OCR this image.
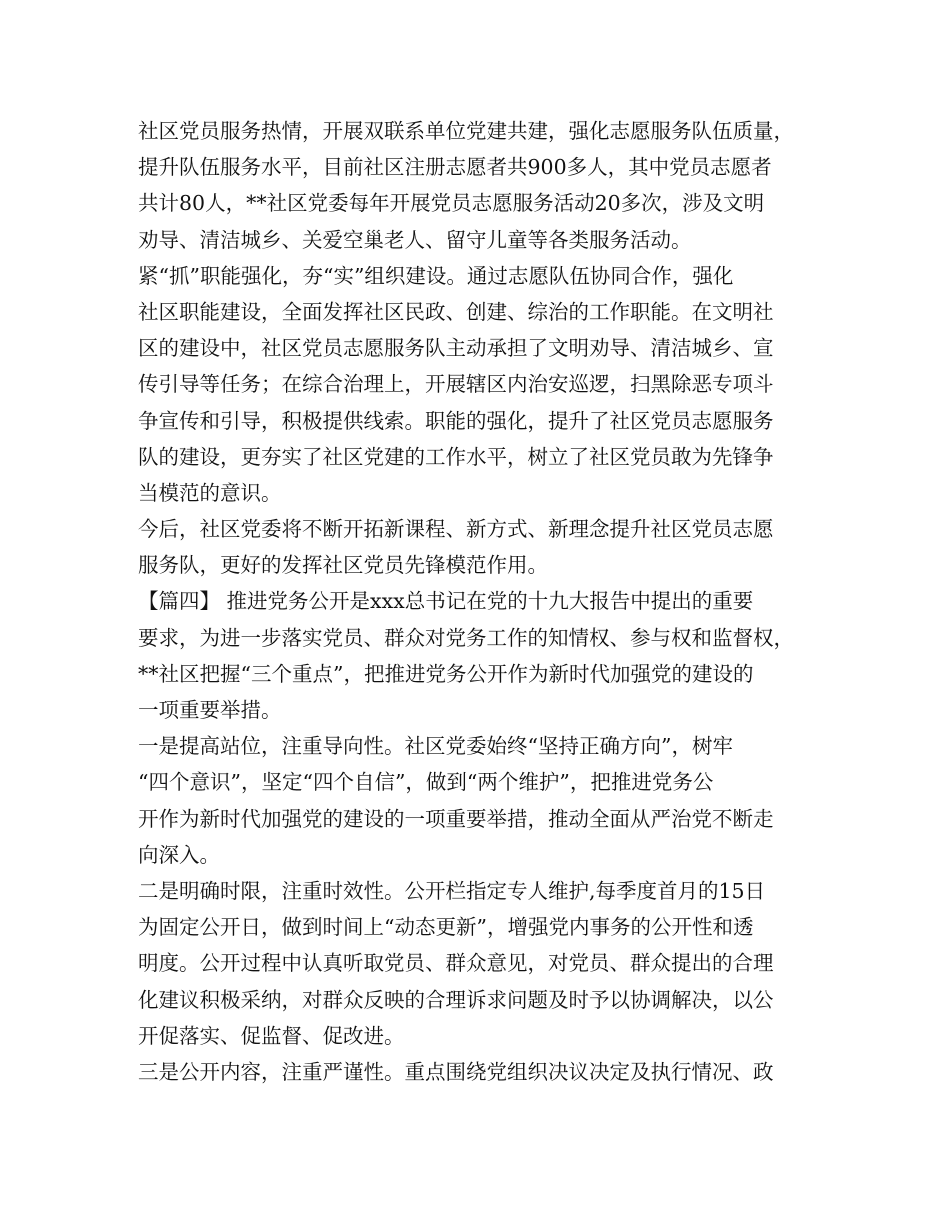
社区党员服务热情，开展双联系单位党建共建，强化志愿服务队伍质量，
提升队伍服务水平，目前社区注册志愿者共900多人，其中党员志愿者
共计80人，**社区党委每年开展党员志愿服务活动20多次，涉及文明
劝导、清洁城乡、关爱空巢老人、留守儿童等各类服务活动。
紧“抓”职能强化，夯“实”组织建设。通过志愿队伍协同合作，强化
社区职能建设，全面发挥社区民政、创建、综治的工作职能。在文明社
区的建设中，社区党员志愿服务队主动承担了文明劝导、清洁城乡、宣
传引导等任务；在综合治理上，开展辖区内治安巡逻，扫黑除恶专项斗
争宣传和引导，积极提供线索。职能的强化，提升了社区党员志愿服务
队的建设，更夯实了社区党建的工作水平，树立了社区党员敢为先锋争
当模范的意识。
今后，社区党委将不断开拓新课程、新方式、新理念提升社区党员志愿
服务队，更好的发挥社区党员先锋模范作用。
【篇四】 推进党务公开是xxx总书记在党的十九大报告中提出的重要
要求，为进一步落实党员、群众对党务工作的知情权、参与权和监督权，
**社区把握“三个重点”，把推进党务公开作为新时代加强党的建设的
一项重要举措。
一是提高站位，注重导向性。社区党委始终“坚持正确方向”，树牢
“四个意识”，坚定“四个自信”，做到“两个维护”，把推进党务公
开作为新时代加强党的建设的一项重要举措，推动全面从严治党不断走
向深入。
二是明确时限，注重时效性。公开栏指定专人维护,每季度首月的15日
为固定公开日，做到时间上“动态更新”，增强党内事务的公开性和透
明度。公开过程中认真听取党员、群众意见，对党员、群众提出的合理
化建议积极采纳，对群众反映的合理诉求问题及时予以协调解决，以公
开促落实、促监督、促改进。
三是公开内容，注重严谨性。重点围绕党组织决议决定及执行情况、政
